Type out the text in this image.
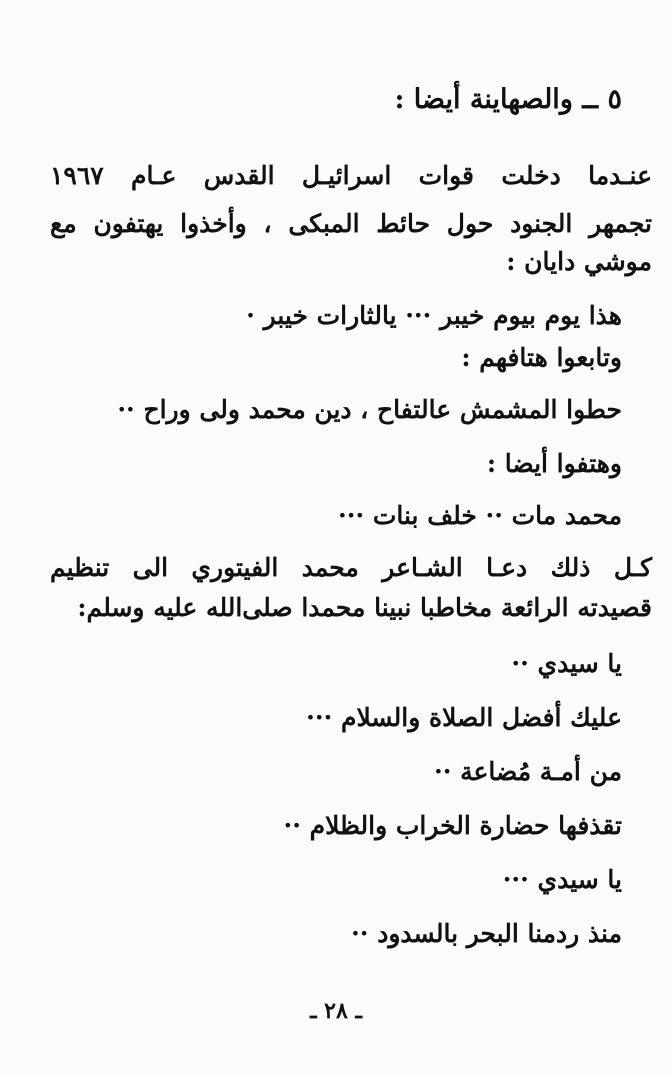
٥ ــ والصهاينة أيضا :
عنـدما دخلت قوات اسرائيـل القدس عـام ١٩٦٧
تجمهر الجنود حول حائط المبكى ، وأخذوا يهتفون مع
موشي دايان :
هذا يوم بيوم خيبر ··· يالثارات خيبر ·
وتابعوا هتافهم :
حطوا المشمش عالتفاح ، دين محمد ولى وراح ··
وهتفوا أيضا :
محمد مات ·· خلف بنات ···
كـل ذلك دعـا الشـاعر محمد الفيتوري الى تنظيم
قصيدته الرائعة مخاطبا نبينا محمدا صلى‌الله عليه وسلم:
يا سيدي ··
عليك أفضل الصلاة والسلام ···
من أمـة مُضاعة ··
تقذفها حضارة الخراب والظلام ··
يا سيدي ···
منذ ردمنا البحر بالسدود ··
ـ ٢٨ ـ
